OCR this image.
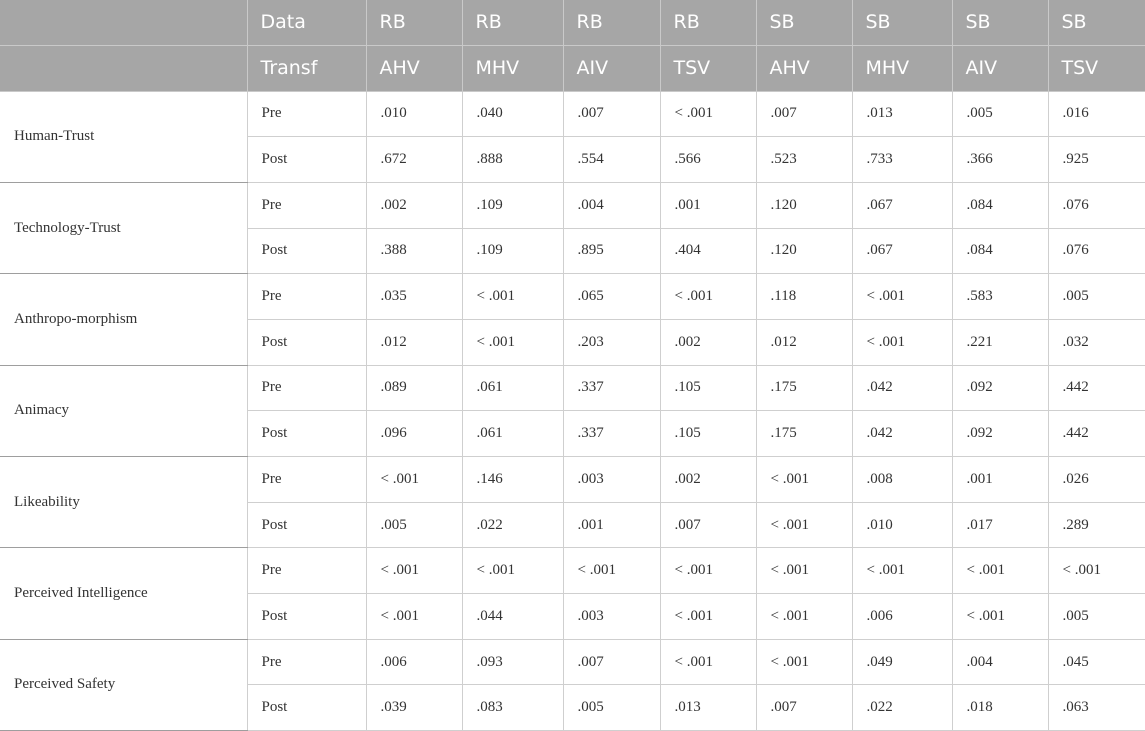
	Data	RB	RB	RB	RB	SB	SB	SB	SB
	Transf	AHV	MHV	AIV	TSV	AHV	MHV	AIV	TSV
Human-Trust	Pre	.010	.040	.007	< .001	.007	.013	.005	.016
	Post	.672	.888	.554	.566	.523	.733	.366	.925
Technology-Trust	Pre	.002	.109	.004	.001	.120	.067	.084	.076
	Post	.388	.109	.895	.404	.120	.067	.084	.076
Anthropo-morphism	Pre	.035	< .001	.065	< .001	.118	< .001	.583	.005
	Post	.012	< .001	.203	.002	.012	< .001	.221	.032
Animacy	Pre	.089	.061	.337	.105	.175	.042	.092	.442
	Post	.096	.061	.337	.105	.175	.042	.092	.442
Likeability	Pre	< .001	.146	.003	.002	< .001	.008	.001	.026
	Post	.005	.022	.001	.007	< .001	.010	.017	.289
Perceived Intelligence	Pre	< .001	< .001	< .001	< .001	< .001	< .001	< .001	< .001
	Post	< .001	.044	.003	< .001	< .001	.006	< .001	.005
Perceived Safety	Pre	.006	.093	.007	< .001	< .001	.049	.004	.045
	Post	.039	.083	.005	.013	.007	.022	.018	.063
